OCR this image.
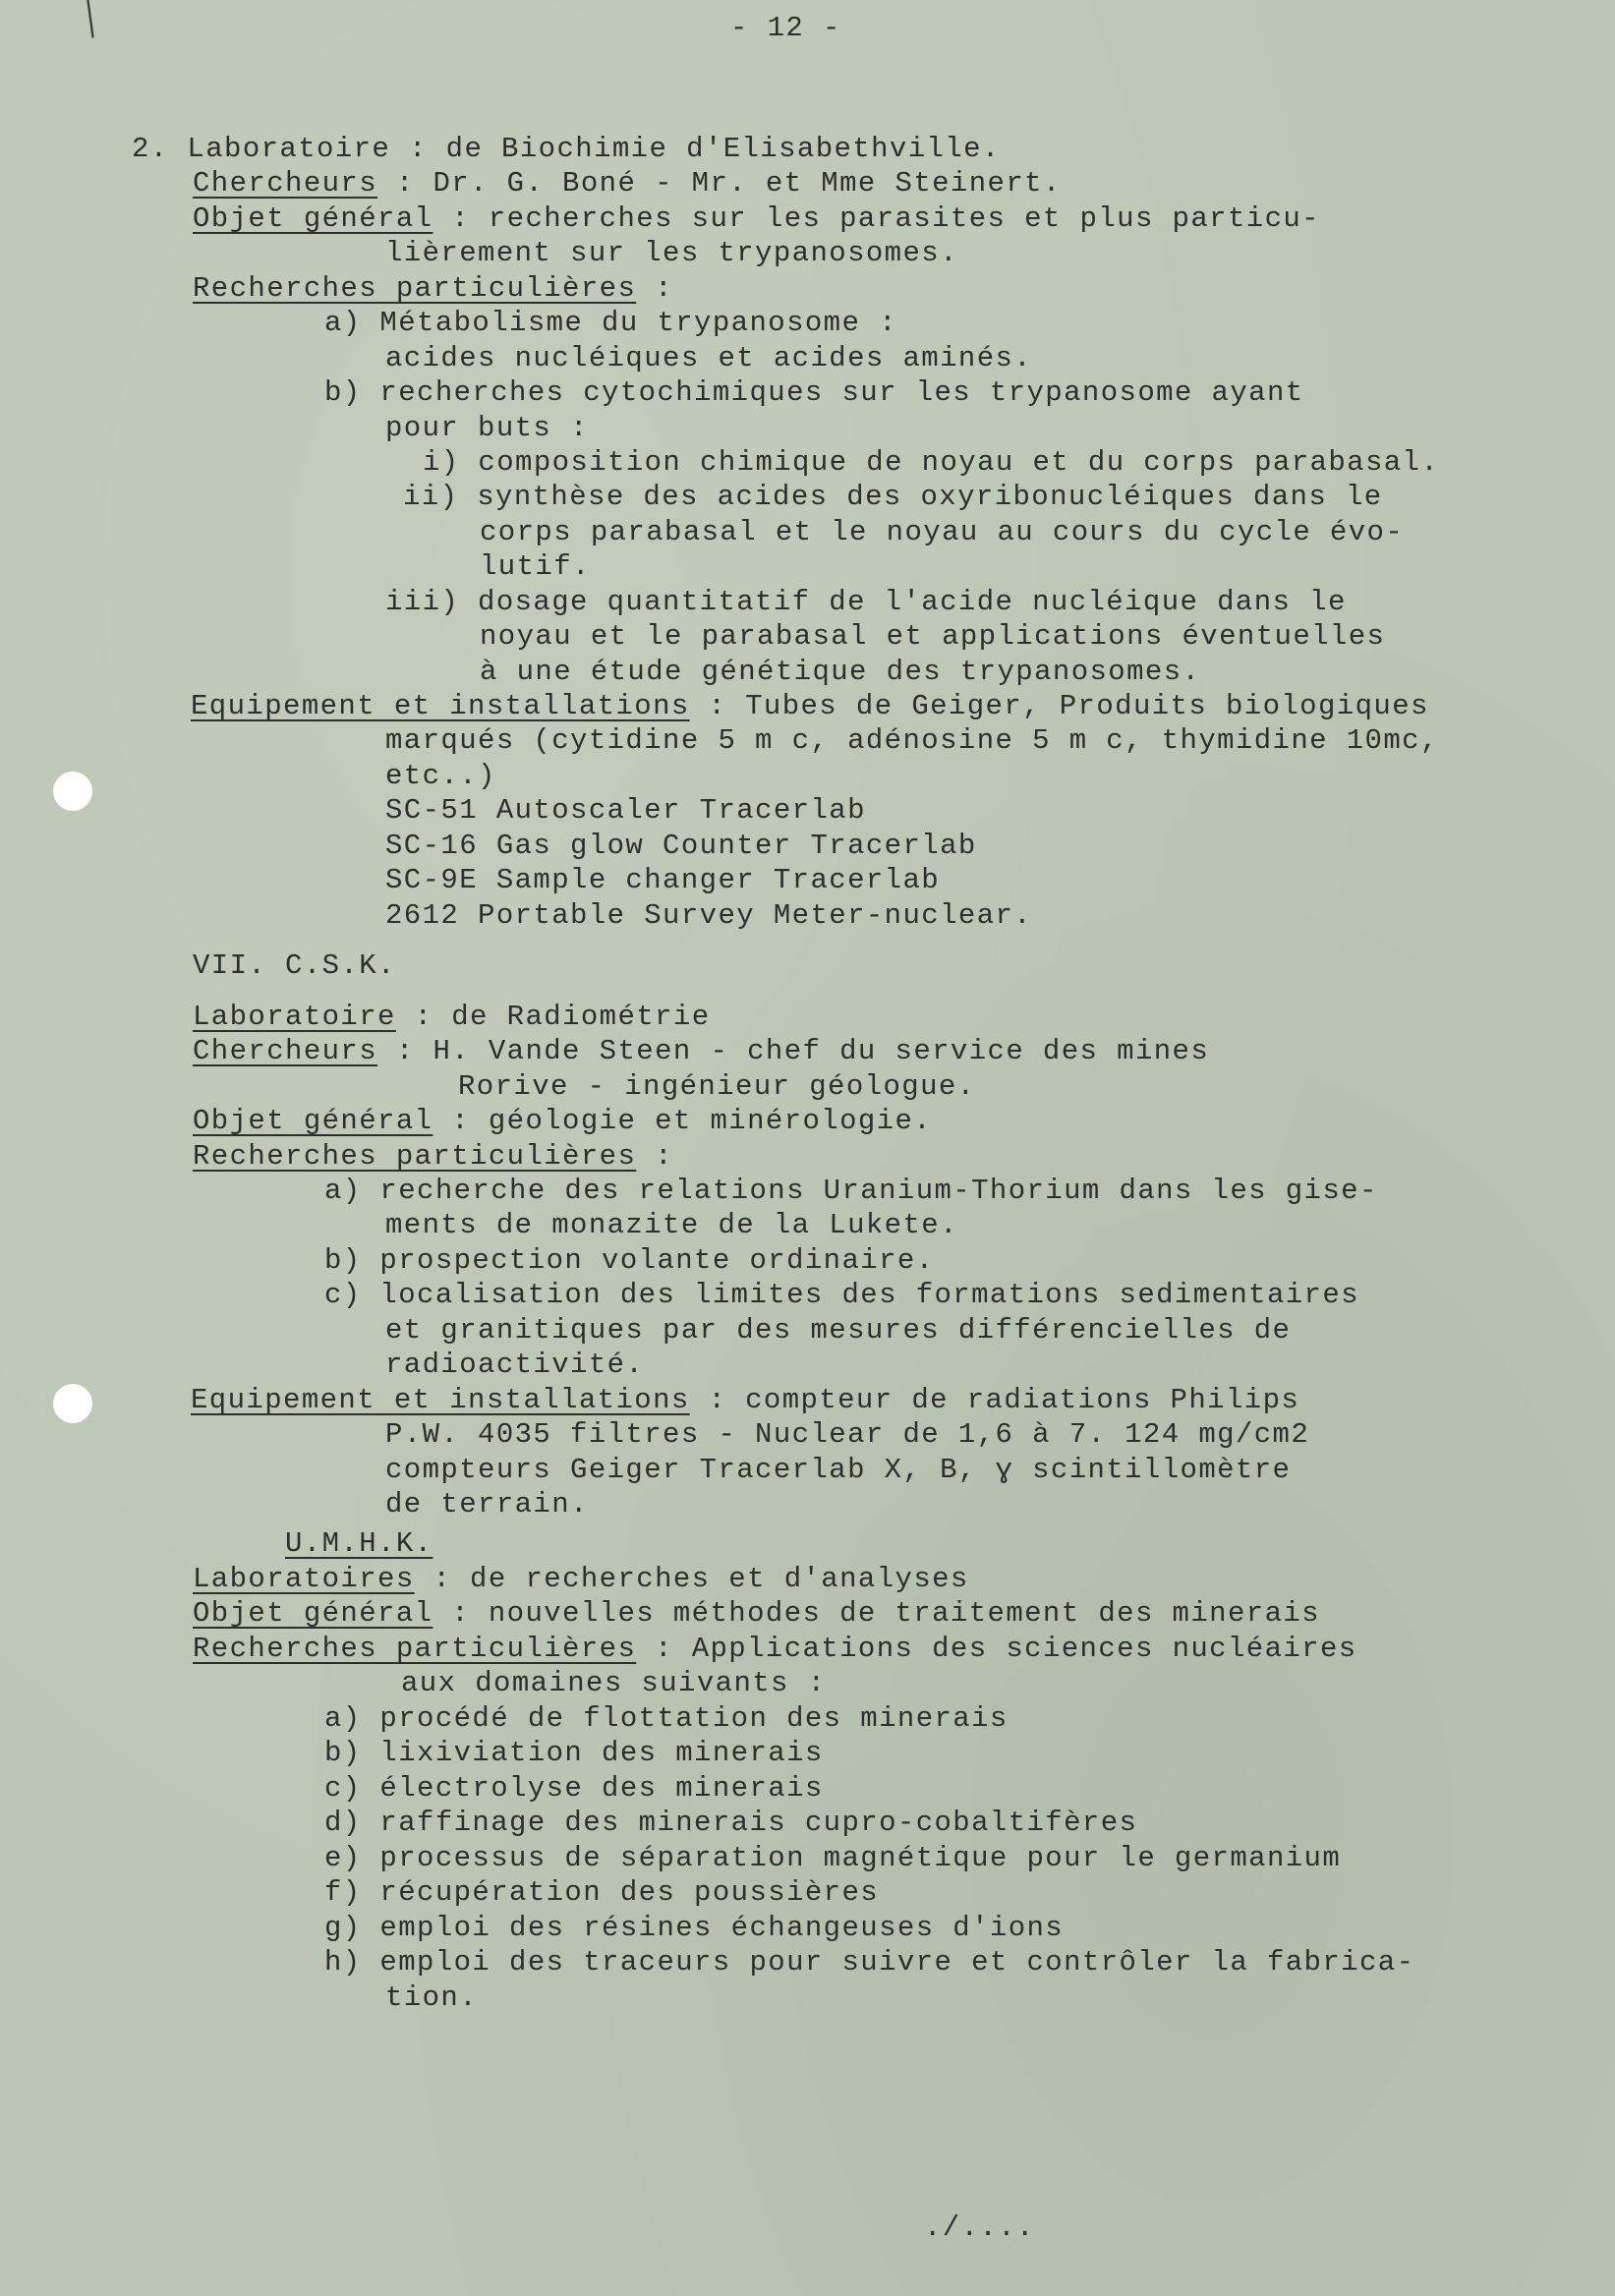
╱	- 12 -
2. Laboratoire : de Biochimie d'Elisabethville.
Chercheurs : Dr. G. Boné - Mr. et Mme Steinert.
Objet général : recherches sur les parasites et plus particu-
lièrement sur les trypanosomes.
Recherches particulières :
a) Métabolisme du trypanosome :
acides nucléiques et acides aminés.
b) recherches cytochimiques sur les trypanosome ayant
pour buts :
i) composition chimique de noyau et du corps parabasal.
ii) synthèse des acides des oxyribonucléiques dans le
corps parabasal et le noyau au cours du cycle évo-
lutif.
iii) dosage quantitatif de l'acide nucléique dans le
noyau et le parabasal et applications éventuelles
à une étude génétique des trypanosomes.
Equipement et installations : Tubes de Geiger, Produits biologiques
marqués (cytidine 5 m c, adénosine 5 m c, thymidine 10mc,
etc..)
SC-51 Autoscaler Tracerlab
SC-16 Gas glow Counter Tracerlab
SC-9E Sample changer Tracerlab
2612 Portable Survey Meter-nuclear.
VII. C.S.K.
Laboratoire : de Radiométrie
Chercheurs : H. Vande Steen - chef du service des mines
Rorive - ingénieur géologue.
Objet général : géologie et minérologie.
Recherches particulières :
a) recherche des relations Uranium-Thorium dans les gise-
ments de monazite de la Lukete.
b) prospection volante ordinaire.
c) localisation des limites des formations sedimentaires
et granitiques par des mesures différencielles de
radioactivité.
Equipement et installations : compteur de radiations Philips
P.W. 4035 filtres - Nuclear de 1,6 à 7. 124 mg/cm2
compteurs Geiger Tracerlab X, B, ɣ scintillomètre
de terrain.
U.M.H.K.
Laboratoires : de recherches et d'analyses
Objet général : nouvelles méthodes de traitement des minerais
Recherches particulières : Applications des sciences nucléaires
aux domaines suivants :
a) procédé de flottation des minerais
b) lixiviation des minerais
c) électrolyse des minerais
d) raffinage des minerais cupro-cobaltifères
e) processus de séparation magnétique pour le germanium
f) récupération des poussières
g) emploi des résines échangeuses d'ions
h) emploi des traceurs pour suivre et contrôler la fabrica-
tion.
./....
